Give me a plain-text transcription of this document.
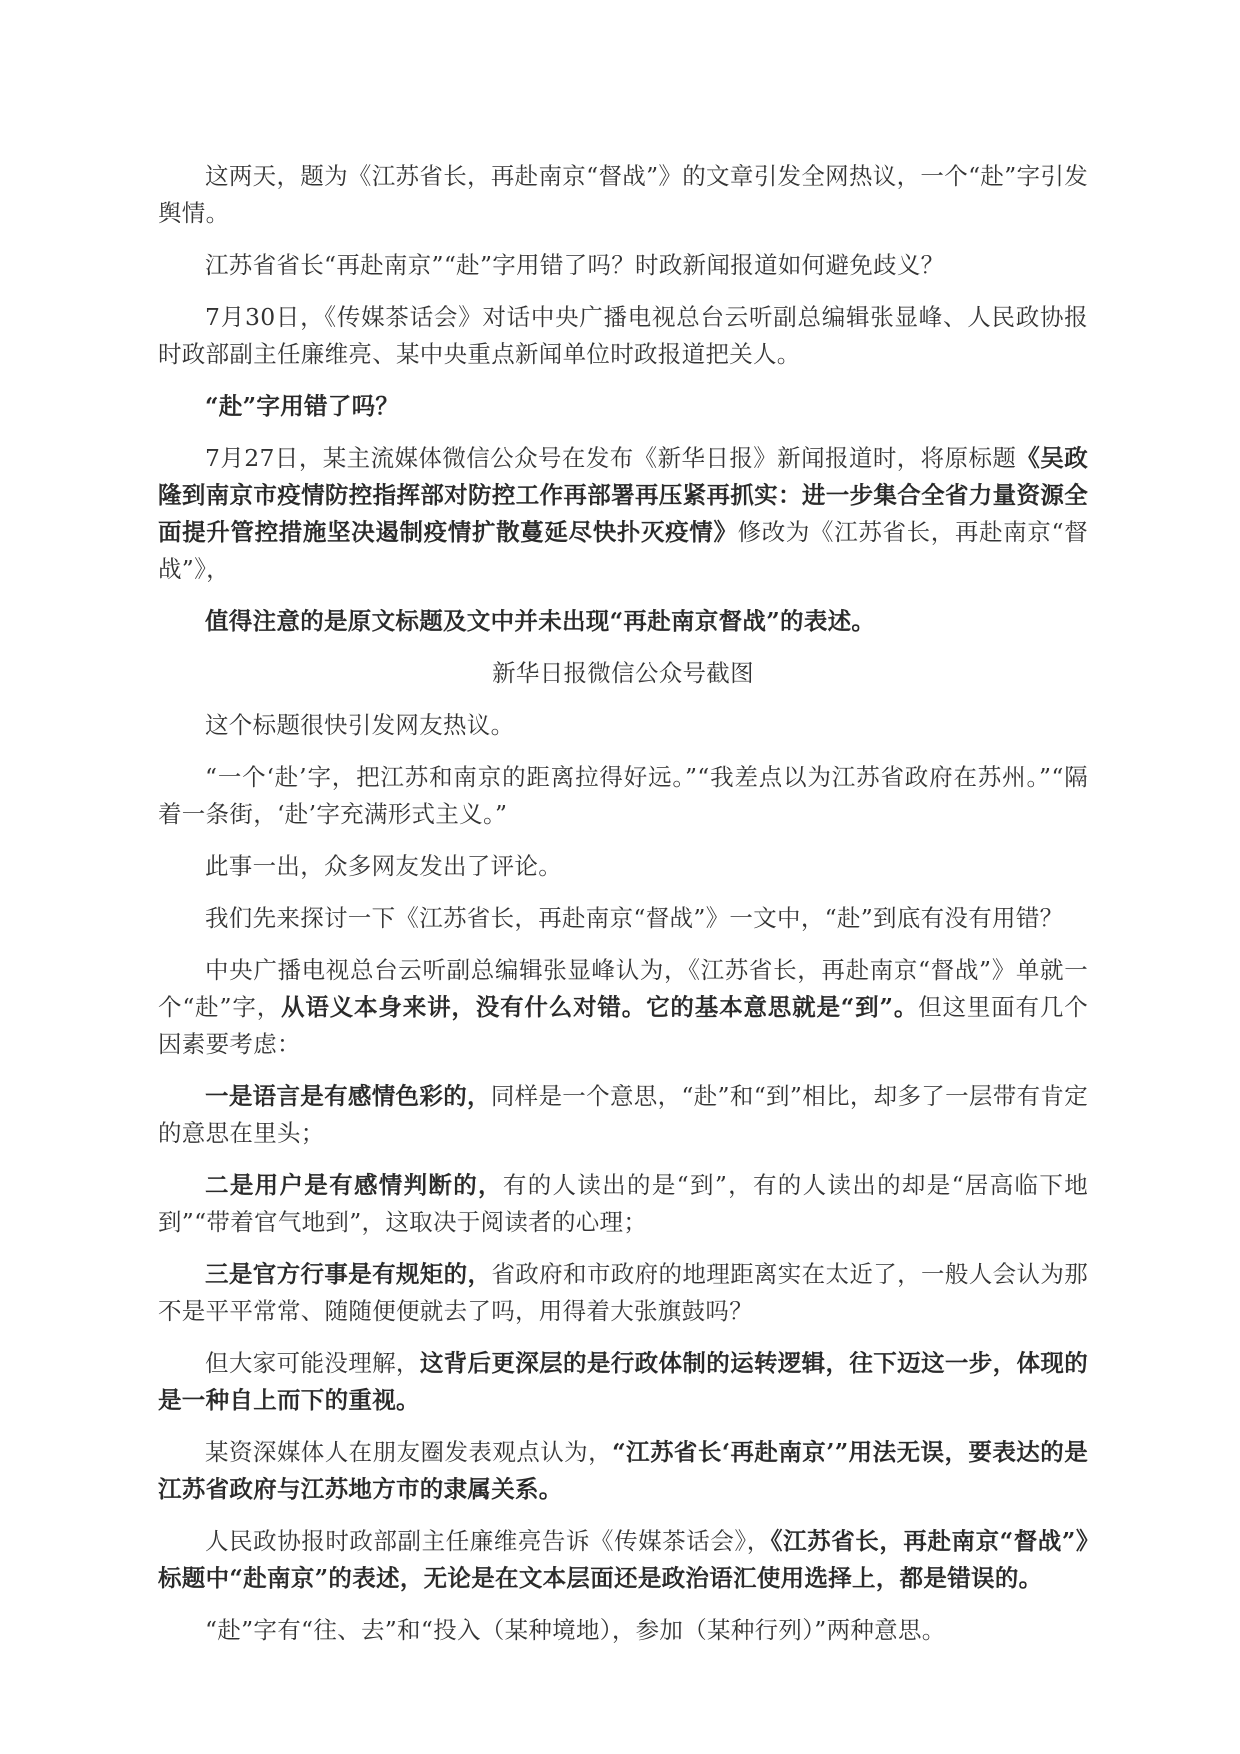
这两天，题为《江苏省长，再赴南京“督战”》的文章引发全网热议，一个“赴”字引发舆情。

江苏省省长“再赴南京”“赴”字用错了吗？时政新闻报道如何避免歧义？

7月30日，《传媒茶话会》对话中央广播电视总台云听副总编辑张显峰、人民政协报时政部副主任廉维亮、某中央重点新闻单位时政报道把关人。

“赴”字用错了吗？

7月27日，某主流媒体微信公众号在发布《新华日报》新闻报道时，将原标题《吴政隆到南京市疫情防控指挥部对防控工作再部署再压紧再抓实：进一步集合全省力量资源全面提升管控措施坚决遏制疫情扩散蔓延尽快扑灭疫情》修改为《江苏省长，再赴南京“督战”》，

值得注意的是原文标题及文中并未出现“再赴南京督战”的表述。

新华日报微信公众号截图

这个标题很快引发网友热议。

“一个‘赴’字，把江苏和南京的距离拉得好远。”“我差点以为江苏省政府在苏州。”“隔着一条街，‘赴’字充满形式主义。”

此事一出，众多网友发出了评论。

我们先来探讨一下《江苏省长，再赴南京“督战”》一文中，“赴”到底有没有用错？

中央广播电视总台云听副总编辑张显峰认为，《江苏省长，再赴南京“督战”》单就一个“赴”字，从语义本身来讲，没有什么对错。它的基本意思就是“到”。但这里面有几个因素要考虑：

一是语言是有感情色彩的，同样是一个意思，“赴”和“到”相比，却多了一层带有肯定的意思在里头；

二是用户是有感情判断的，有的人读出的是“到”，有的人读出的却是“居高临下地到”“带着官气地到”，这取决于阅读者的心理；

三是官方行事是有规矩的，省政府和市政府的地理距离实在太近了，一般人会认为那不是平平常常、随随便便就去了吗，用得着大张旗鼓吗？

但大家可能没理解，这背后更深层的是行政体制的运转逻辑，往下迈这一步，体现的是一种自上而下的重视。

某资深媒体人在朋友圈发表观点认为，“江苏省长‘再赴南京’”用法无误，要表达的是江苏省政府与江苏地方市的隶属关系。

人民政协报时政部副主任廉维亮告诉《传媒茶话会》，《江苏省长，再赴南京“督战”》标题中“赴南京”的表述，无论是在文本层面还是政治语汇使用选择上，都是错误的。

“赴”字有“往、去”和“投入（某种境地），参加（某种行列）”两种意思。
